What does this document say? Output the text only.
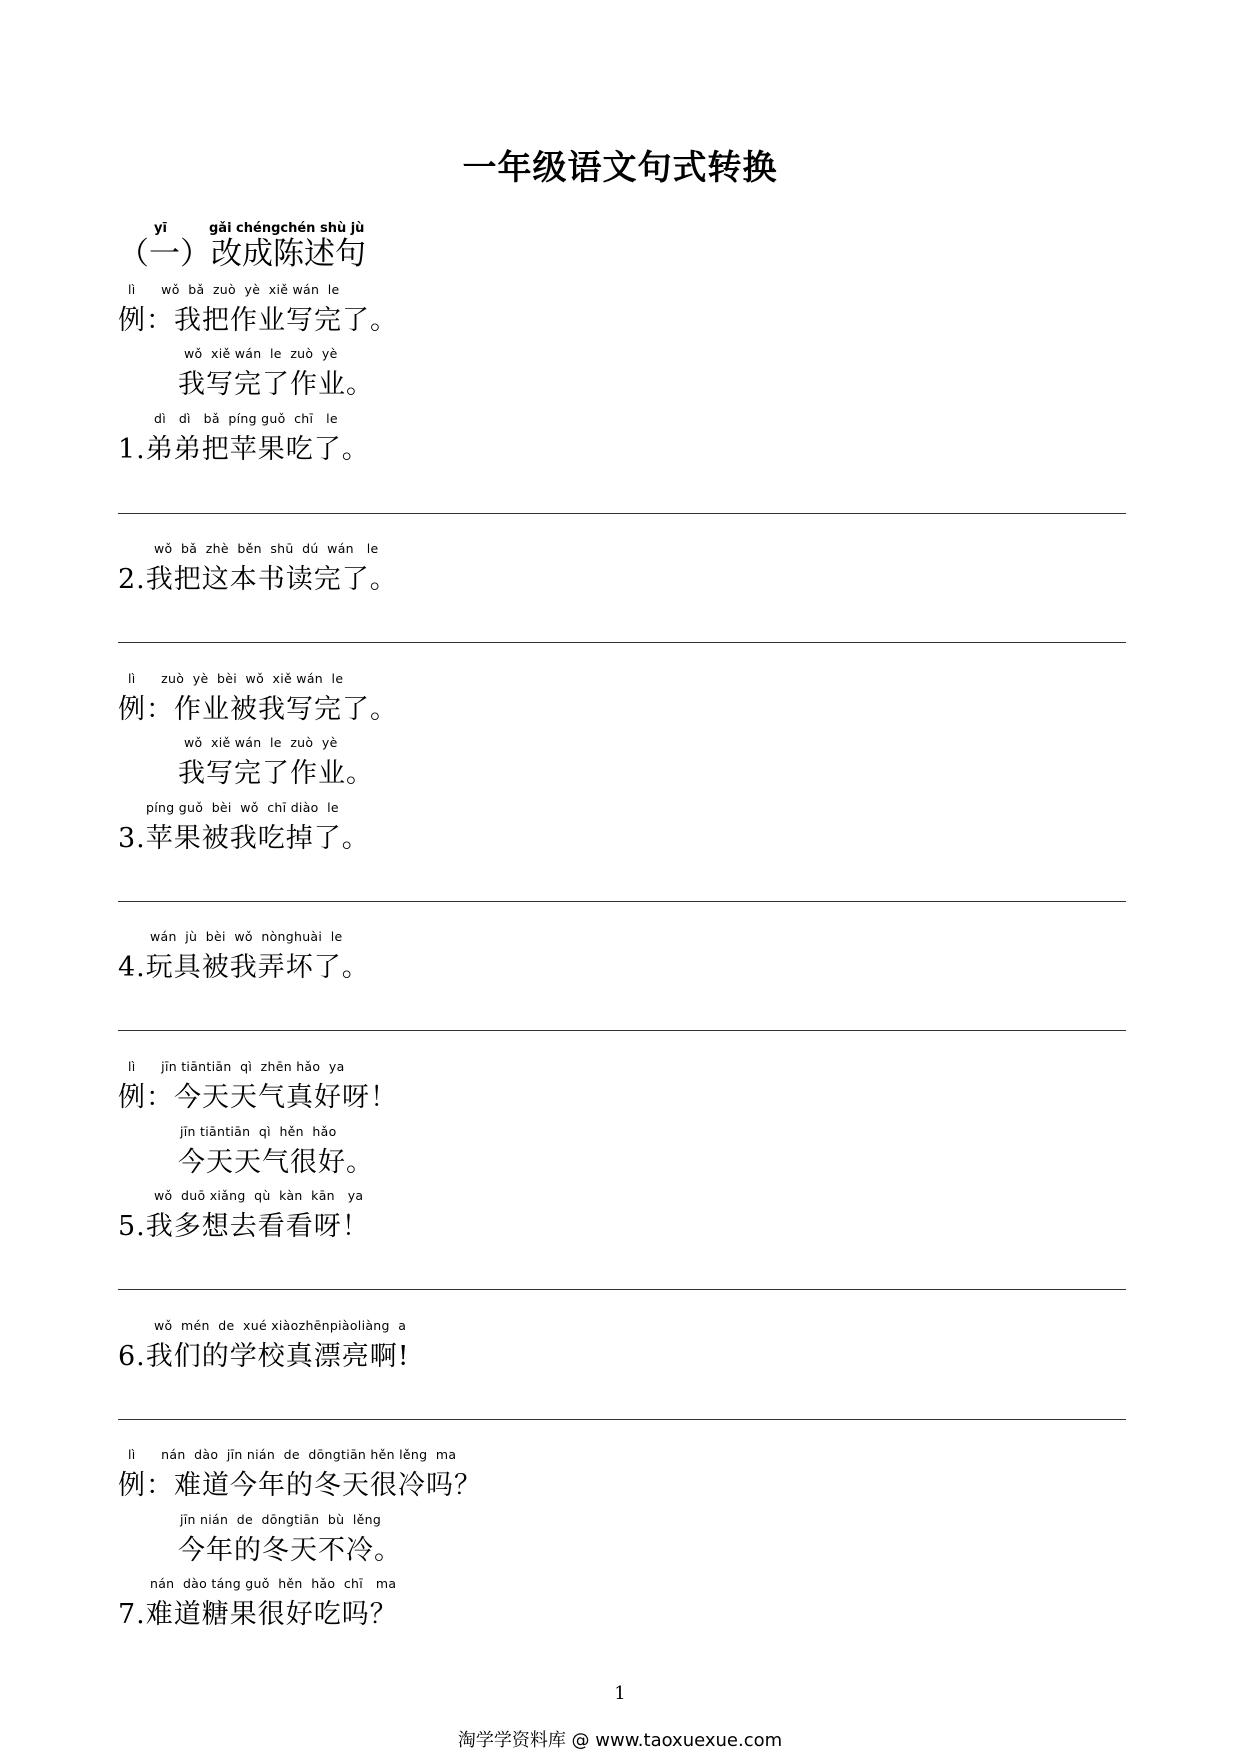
一年级语文句式转换
yī	gǎi chéngchén shù jù
（一）改成陈述句
lì      wǒ  bǎ  zuò  yè  xiě wán  le
例：我把作业写完了。
wǒ  xiě wán  le  zuò  yè
我写完了作业。
dì   dì   bǎ  píng guǒ  chī   le
1.弟弟把苹果吃了。
wǒ  bǎ  zhè  běn  shū  dú  wán   le
2.我把这本书读完了。
lì      zuò  yè  bèi  wǒ  xiě wán  le
例：作业被我写完了。
wǒ  xiě wán  le  zuò  yè
我写完了作业。
píng guǒ  bèi  wǒ  chī diào  le
3.苹果被我吃掉了。
wán  jù  bèi  wǒ  nònghuài  le
4.玩具被我弄坏了。
lì      jīn tiāntiān  qì  zhēn hǎo  ya
例：今天天气真好呀！
jīn tiāntiān  qì  hěn  hǎo
今天天气很好。
wǒ  duō xiǎng  qù  kàn  kān   ya
5.我多想去看看呀！
wǒ  mén  de  xué xiàozhēnpiàoliàng  a
6.我们的学校真漂亮啊!
lì      nán  dào  jīn nián  de  dōngtiān hěn lěng  ma
例：难道今年的冬天很冷吗？
jīn nián  de  dōngtiān  bù  lěng
今年的冬天不冷。
nán  dào táng guǒ  hěn  hǎo  chī   ma
7.难道糖果很好吃吗？
1
淘学学资料库 @ www.taoxuexue.com
